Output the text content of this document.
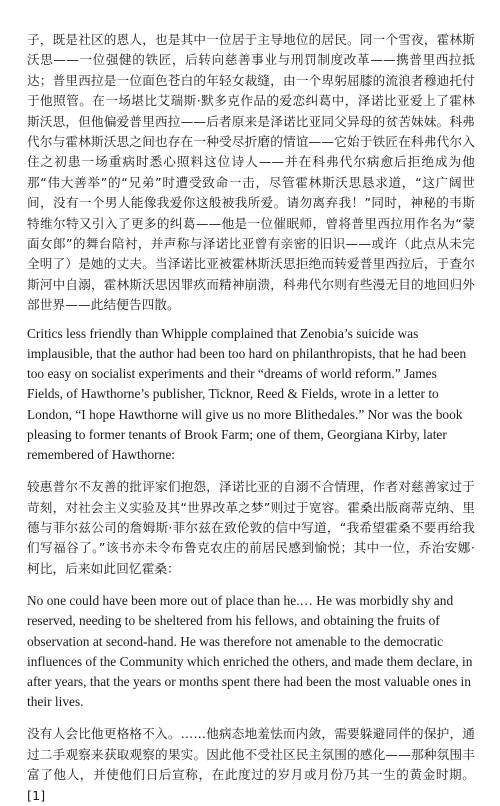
子，既是社区的恩人，也是其中一位居于主导地位的居民。同一个雪夜，霍林斯沃思——一位强健的铁匠，后转向慈善事业与刑罚制度改革——携普里西拉抵达；普里西拉是一位面色苍白的年轻女裁缝，由一个卑躬屈膝的流浪者穆迪托付于他照管。在一场堪比艾瑞斯·默多克作品的爱恋纠葛中，泽诺比亚爱上了霍林斯沃思，但他偏爱普里西拉——后者原来是泽诺比亚同父异母的贫苦妹妹。科弗代尔与霍林斯沃思之间也存在一种受尽折磨的情谊——它始于铁匠在科弗代尔入住之初患一场重病时悉心照料这位诗人——并在科弗代尔病愈后拒绝成为他那“伟大善举”的“兄弟”时遭受致命一击，尽管霍林斯沃思恳求道，“这广阔世间，没有一个男人能像我爱你这般被我所爱。请勿离弃我！”同时，神秘的韦斯特维尔特又引入了更多的纠葛——他是一位催眠师，曾将普里西拉用作名为“蒙面女郎”的舞台陪衬，并声称与泽诺比亚曾有亲密的旧识——或许（此点从未完全明了）是她的丈夫。当泽诺比亚被霍林斯沃思拒绝而转爱普里西拉后，于查尔斯河中自溺，霍林斯沃思因罪疚而精神崩溃，科弗代尔则有些漫无目的地回归外部世界——此结便告四散。

Critics less friendly than Whipple complained that Zenobia’s suicide was implausible, that the author had been too hard on philanthropists, that he had been too easy on socialist experiments and their “dreams of world reform.” James Fields, of Hawthorne’s publisher, Ticknor, Reed & Fields, wrote in a letter to London, “I hope Hawthorne will give us no more Blithedales.” Nor was the book pleasing to former tenants of Brook Farm; one of them, Georgiana Kirby, later remembered of Hawthorne:

较惠普尔不友善的批评家们抱怨，泽诺比亚的自溺不合情理，作者对慈善家过于苛刻，对社会主义实验及其“世界改革之梦”则过于宽容。霍桑出版商蒂克纳、里德与菲尔兹公司的詹姆斯·菲尔兹在致伦敦的信中写道，“我希望霍桑不要再给我们写福谷了。”该书亦未令布鲁克农庄的前居民感到愉悦；其中一位，乔治安娜·柯比，后来如此回忆霍桑：

No one could have been more out of place than he.… He was morbidly shy and reserved, needing to be sheltered from his fellows, and obtaining the fruits of observation at second-hand. He was therefore not amenable to the democratic influences of the Community which enriched the others, and made them declare, in after years, that the years or months spent there had been the most valuable ones in their lives.

没有人会比他更格格不入。……他病态地羞怯而内敛，需要躲避同伴的保护，通过二手观察来获取观察的果实。因此他不受社区民主氛围的感化——那种氛围丰富了他人，并使他们日后宣称，在此度过的岁月或月份乃其一生的黄金时期。[1]
